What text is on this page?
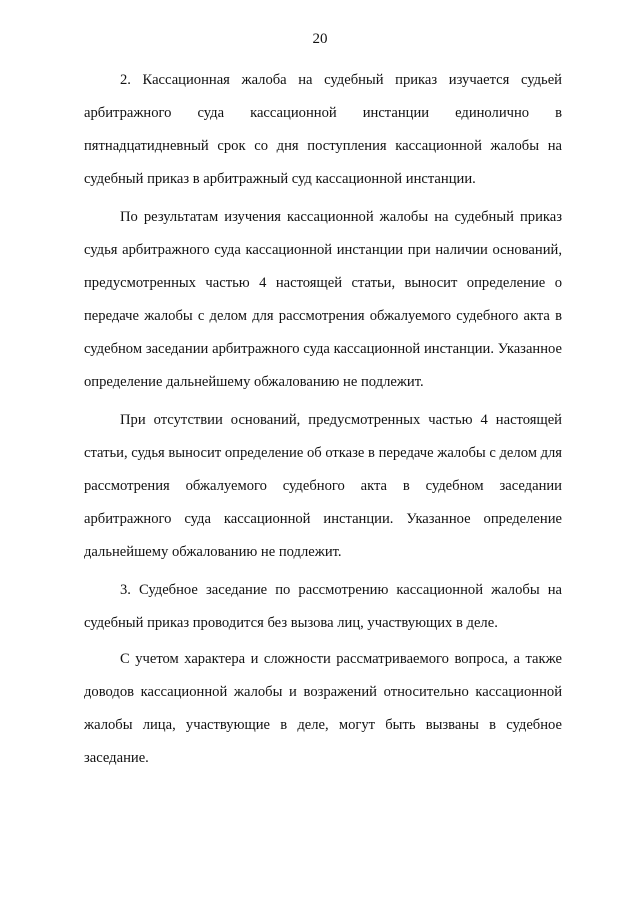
20

2. Кассационная жалоба на судебный приказ изучается судьей арбитражного суда кассационной инстанции единолично в пятнадцатидневный срок со дня поступления кассационной жалобы на судебный приказ в арбитражный суд кассационной инстанции.

По результатам изучения кассационной жалобы на судебный приказ судья арбитражного суда кассационной инстанции при наличии оснований, предусмотренных частью 4 настоящей статьи, выносит определение о передаче жалобы с делом для рассмотрения обжалуемого судебного акта в судебном заседании арбитражного суда кассационной инстанции. Указанное определение дальнейшему обжалованию не подлежит.

При отсутствии оснований, предусмотренных частью 4 настоящей статьи, судья выносит определение об отказе в передаче жалобы с делом для рассмотрения обжалуемого судебного акта в судебном заседании арбитражного суда кассационной инстанции. Указанное определение дальнейшему обжалованию не подлежит.

3. Судебное заседание по рассмотрению кассационной жалобы на судебный приказ проводится без вызова лиц, участвующих в деле.

С учетом характера и сложности рассматриваемого вопроса, а также доводов кассационной жалобы и возражений относительно кассационной жалобы лица, участвующие в деле, могут быть вызваны в судебное заседание.
